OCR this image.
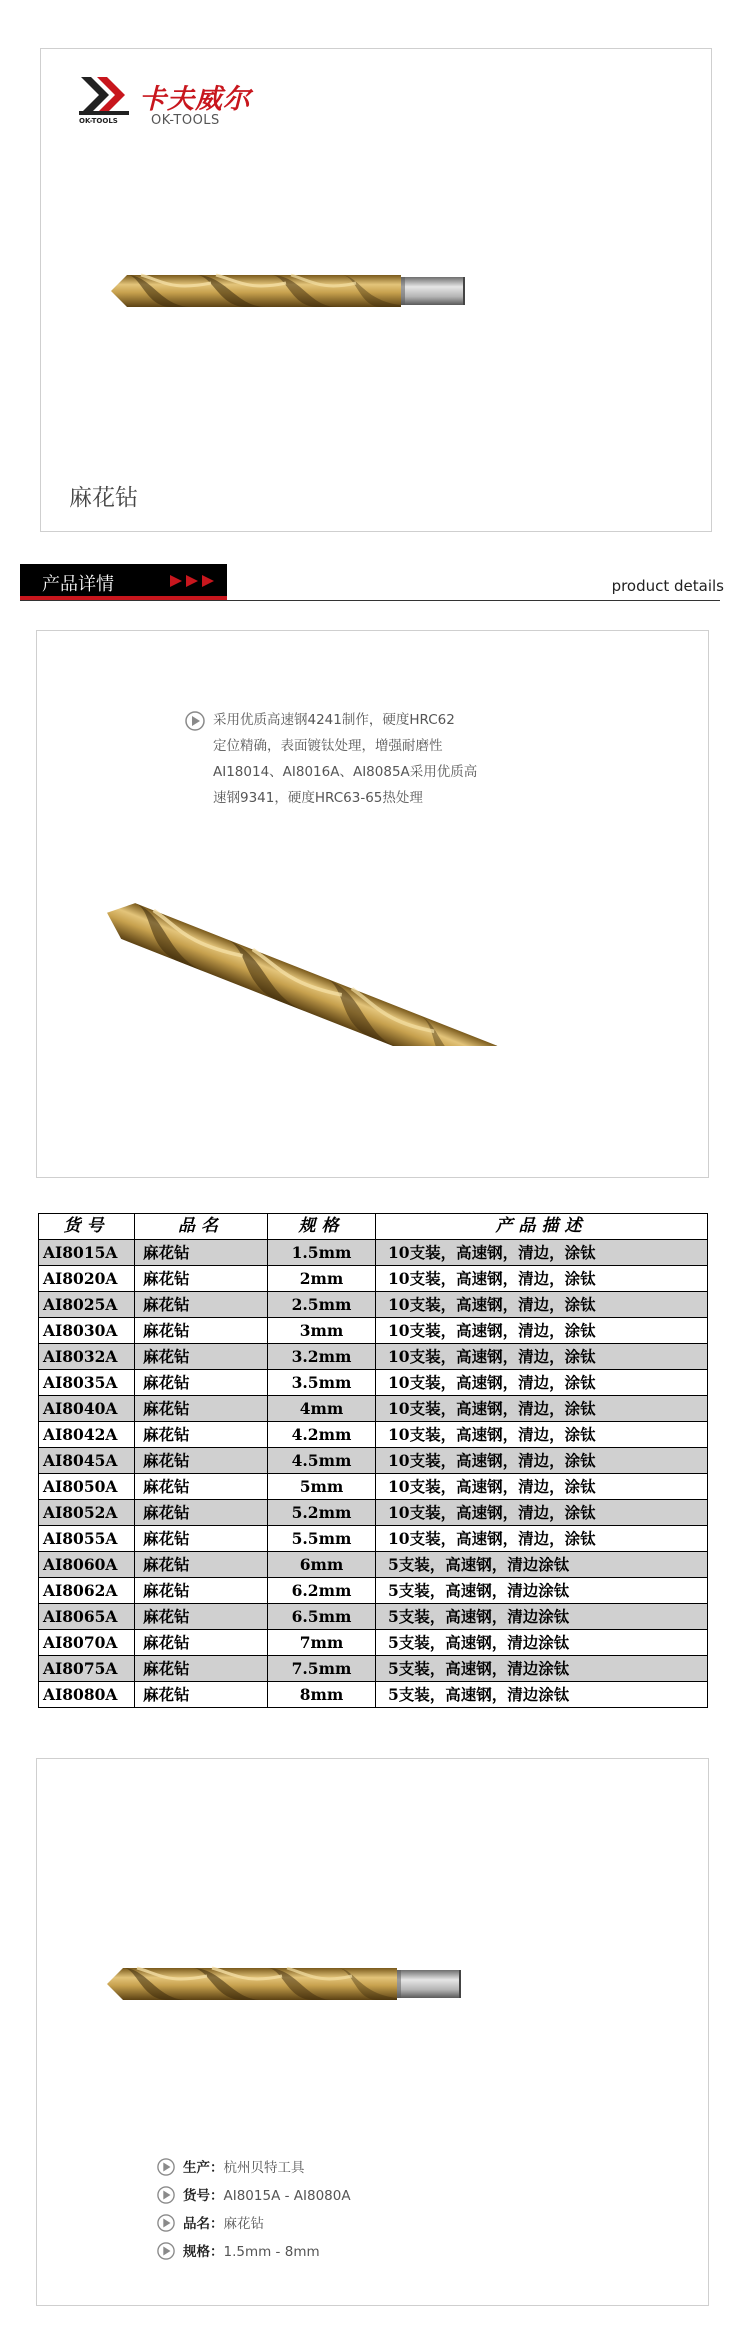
OK-TOOLS
卡夫威尔
OK-TOOLS
麻花钻
产品详情	product details
采用优质高速钢4241制作，硬度HRC62
定位精确，表面镀钛处理，增强耐磨性
AI18014、AI8016A、AI8085A采用优质高
速钢9341，硬度HRC63-65热处理
货号	品名	规格	产品描述
AI8015A	麻花钻	1.5mm	10支装，高速钢，清边，涂钛
AI8020A	麻花钻	2mm	10支装，高速钢，清边，涂钛
AI8025A	麻花钻	2.5mm	10支装，高速钢，清边，涂钛
AI8030A	麻花钻	3mm	10支装，高速钢，清边，涂钛
AI8032A	麻花钻	3.2mm	10支装，高速钢，清边，涂钛
AI8035A	麻花钻	3.5mm	10支装，高速钢，清边，涂钛
AI8040A	麻花钻	4mm	10支装，高速钢，清边，涂钛
AI8042A	麻花钻	4.2mm	10支装，高速钢，清边，涂钛
AI8045A	麻花钻	4.5mm	10支装，高速钢，清边，涂钛
AI8050A	麻花钻	5mm	10支装，高速钢，清边，涂钛
AI8052A	麻花钻	5.2mm	10支装，高速钢，清边，涂钛
AI8055A	麻花钻	5.5mm	10支装，高速钢，清边，涂钛
AI8060A	麻花钻	6mm	5支装，高速钢，清边涂钛
AI8062A	麻花钻	6.2mm	5支装，高速钢，清边涂钛
AI8065A	麻花钻	6.5mm	5支装，高速钢，清边涂钛
AI8070A	麻花钻	7mm	5支装，高速钢，清边涂钛
AI8075A	麻花钻	7.5mm	5支装，高速钢，清边涂钛
AI8080A	麻花钻	8mm	5支装，高速钢，清边涂钛
生产：杭州贝特工具
货号：AI8015A - AI8080A
品名：麻花钻
规格：1.5mm - 8mm
